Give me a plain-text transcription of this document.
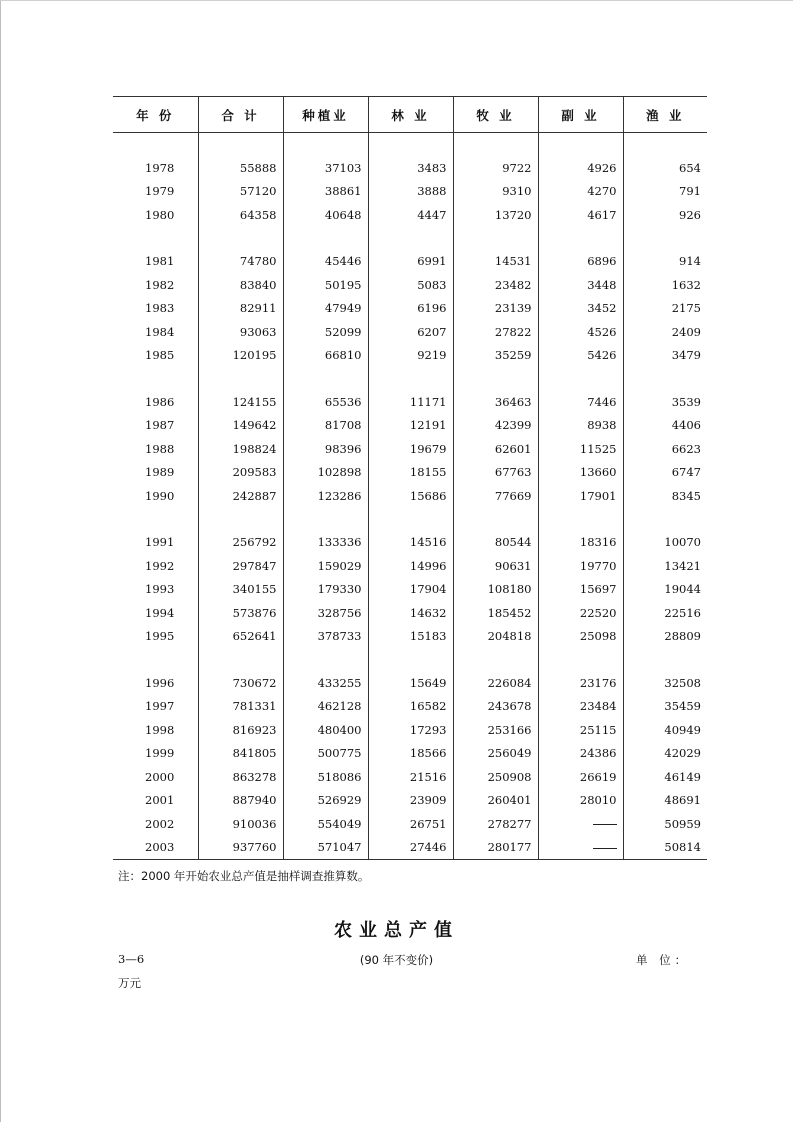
年 份	合 计	种植业	林 业	牧 业	副 业	渔 业

1978	55888	37103	3483	9722	4926	654
1979	57120	38861	3888	9310	4270	791
1980	64358	40648	4447	13720	4617	926

1981	74780	45446	6991	14531	6896	914
1982	83840	50195	5083	23482	3448	1632
1983	82911	47949	6196	23139	3452	2175
1984	93063	52099	6207	27822	4526	2409
1985	120195	66810	9219	35259	5426	3479

1986	124155	65536	11171	36463	7446	3539
1987	149642	81708	12191	42399	8938	4406
1988	198824	98396	19679	62601	11525	6623
1989	209583	102898	18155	67763	13660	6747
1990	242887	123286	15686	77669	17901	8345

1991	256792	133336	14516	80544	18316	10070
1992	297847	159029	14996	90631	19770	13421
1993	340155	179330	17904	108180	15697	19044
1994	573876	328756	14632	185452	22520	22516
1995	652641	378733	15183	204818	25098	28809

1996	730672	433255	15649	226084	23176	32508
1997	781331	462128	16582	243678	23484	35459
1998	816923	480400	17293	253166	25115	40949
1999	841805	500775	18566	256049	24386	42029
2000	863278	518086	21516	250908	26619	46149
2001	887940	526929	23909	260401	28010	48691
2002	910036	554049	26751	278277		50959
2003	937760	571047	27446	280177		50814
注：2000 年开始农业总产值是抽样调查推算数。
农业总产值
3—6	(90 年不变价)	单 位：
万元
